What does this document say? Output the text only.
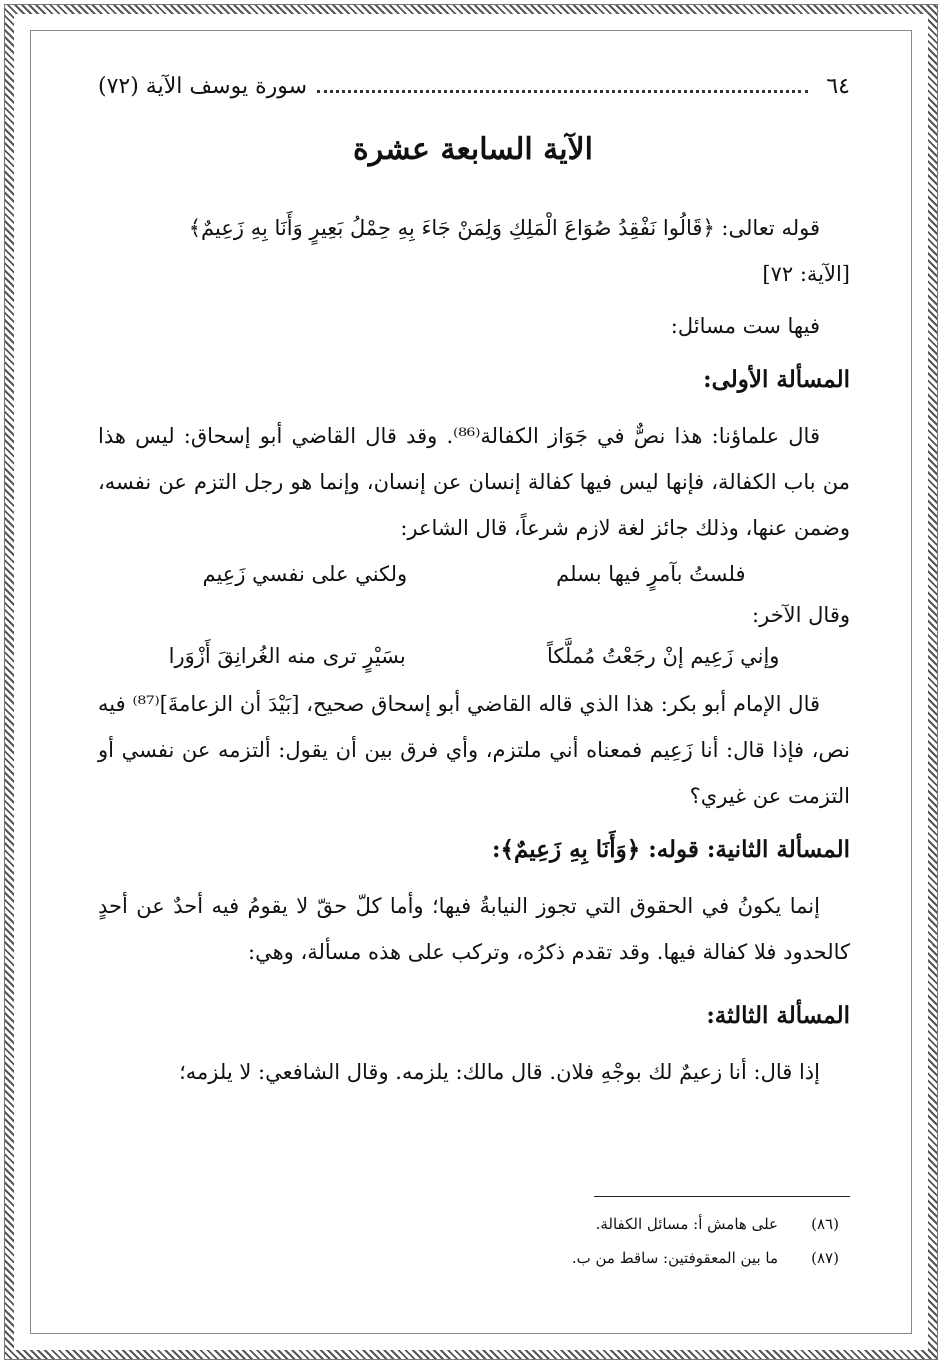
٦٤
سورة يوسف الآية (٧٢)
الآية السابعة عشرة

قوله تعالى: ﴿قَالُوا نَفْقِدُ صُوَاعَ الْمَلِكِ وَلِمَنْ جَاءَ بِهِ حِمْلُ بَعِيرٍ وَأَنَا بِهِ زَعِيمٌ﴾

[الآية: ٧٢]

فيها ست مسائل:

المسألة الأولى:

قال علماؤنا: هذا نصٌّ في جَوَاز الكفالة⁽⁸⁶⁾. وقد قال القاضي أبو إسحاق: ليس هذا من باب الكفالة، فإنها ليس فيها كفالة إنسان عن إنسان، وإنما هو رجل التزم عن نفسه، وضمن عنها، وذلك جائز لغة لازم شرعاً، قال الشاعر:

فلستُ بآمرٍ فيها بسلم
ولكني على نفسي زَعِيم

وقال الآخر:

وإني زَعِيم إنْ رجَعْتُ مُملَّكاً
بسَيْرٍ ترى منه الغُرانِقَ أَزْوَرا

قال الإمام أبو بكر: هذا الذي قاله القاضي أبو إسحاق صحيح، [بَيْدَ أن الزعامةَ]⁽⁸⁷⁾ فيه نص، فإذا قال: أنا زَعِيم فمعناه أني ملتزم، وأي فرق بين أن يقول: ألتزمه عن نفسي أو التزمت عن غيري؟

المسألة الثانية: قوله: ﴿وَأَنَا بِهِ زَعِيمٌ﴾:

إنما يكونُ في الحقوق التي تجوز النيابةُ فيها؛ وأما كلّ حقّ لا يقومُ فيه أحدٌ عن أحدٍ كالحدود فلا كفالة فيها. وقد تقدم ذكرُه، وتركب على هذه مسألة، وهي:

المسألة الثالثة:

إذا قال: أنا زعيمٌ لك بوجْهِ فلان. قال مالك: يلزمه. وقال الشافعي: لا يلزمه؛

(٨٦)
على هامش أ: مسائل الكفالة.
(٨٧)
ما بين المعقوفتين: ساقط من ب.
